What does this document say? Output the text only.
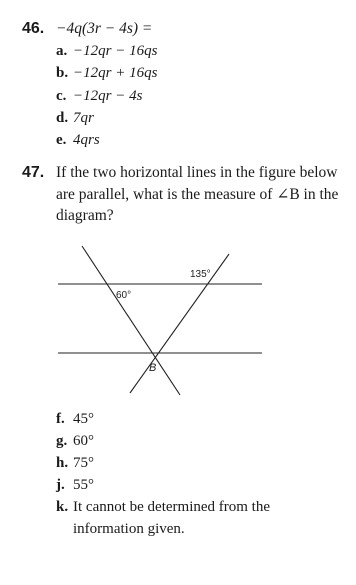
46. −4q(3r − 4s) =
a. −12qr − 16qs
b. −12qr + 16qs
c. −12qr − 4s
d. 7qr
e. 4qrs
47. If the two horizontal lines in the figure below are parallel, what is the measure of ∠B in the diagram?
135°
60°
B
f. 45°
g. 60°
h. 75°
j. 55°
k. It cannot be determined from the information given.
